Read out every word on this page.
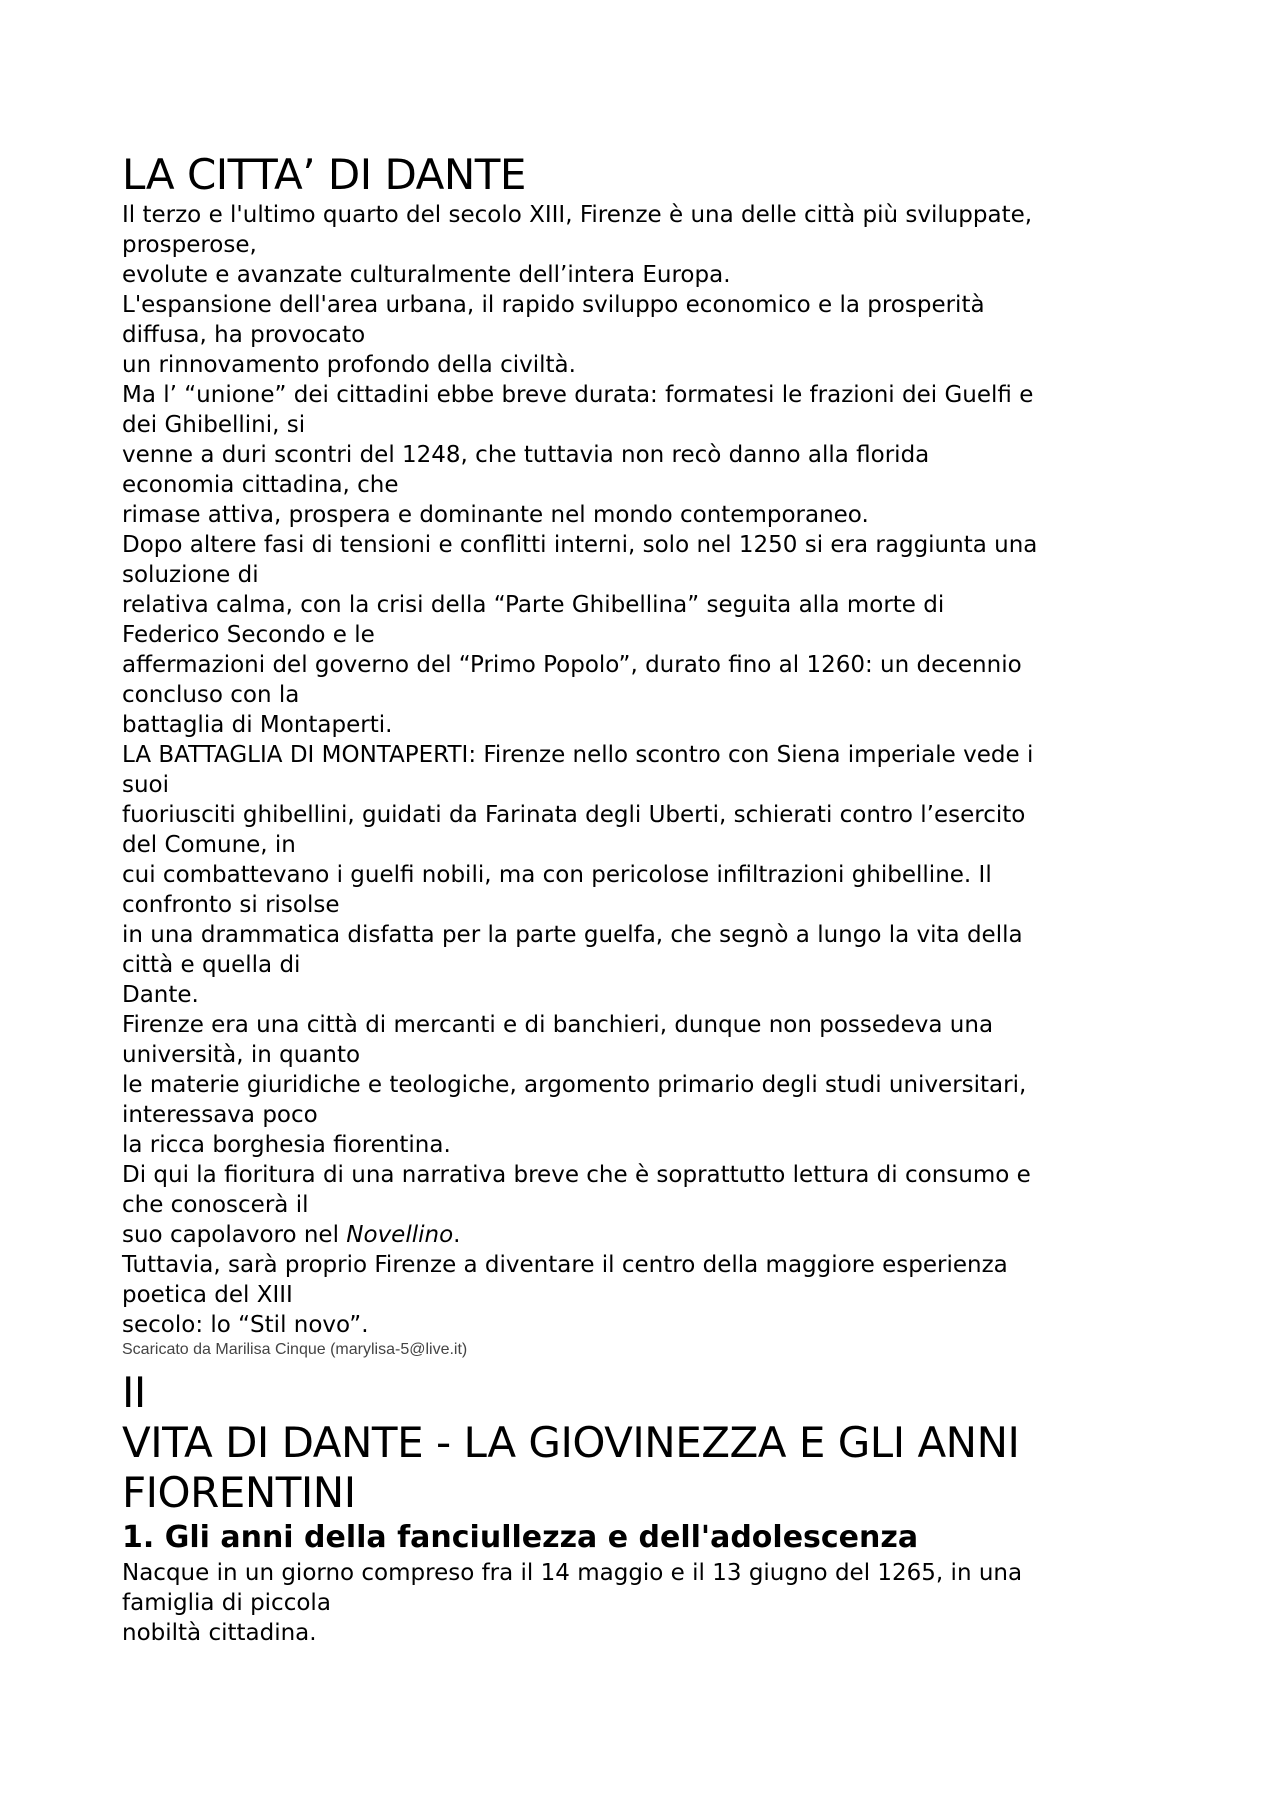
LA CITTA’ DI DANTE

Il terzo e l'ultimo quarto del secolo XIII, Firenze è una delle città più sviluppate,

prosperose,

evolute e avanzate culturalmente dell’intera Europa.

L'espansione dell'area urbana, il rapido sviluppo economico e la prosperità

diffusa, ha provocato

un rinnovamento profondo della civiltà.

Ma l’ “unione” dei cittadini ebbe breve durata: formatesi le frazioni dei Guelfi e

dei Ghibellini, si

venne a duri scontri del 1248, che tuttavia non recò danno alla florida

economia cittadina, che

rimase attiva, prospera e dominante nel mondo contemporaneo.

Dopo altere fasi di tensioni e conflitti interni, solo nel 1250 si era raggiunta una

soluzione di

relativa calma, con la crisi della “Parte Ghibellina” seguita alla morte di

Federico Secondo e le

affermazioni del governo del “Primo Popolo”, durato fino al 1260: un decennio

concluso con la

battaglia di Montaperti.

LA BATTAGLIA DI MONTAPERTI: Firenze nello scontro con Siena imperiale vede i

suoi

fuoriusciti ghibellini, guidati da Farinata degli Uberti, schierati contro l’esercito

del Comune, in

cui combattevano i guelfi nobili, ma con pericolose infiltrazioni ghibelline. Il

confronto si risolse

in una drammatica disfatta per la parte guelfa, che segnò a lungo la vita della

città e quella di

Dante.

Firenze era una città di mercanti e di banchieri, dunque non possedeva una

università, in quanto

le materie giuridiche e teologiche, argomento primario degli studi universitari,

interessava poco

la ricca borghesia fiorentina.

Di qui la fioritura di una narrativa breve che è soprattutto lettura di consumo e

che conoscerà il

suo capolavoro nel Novellino.

Tuttavia, sarà proprio Firenze a diventare il centro della maggiore esperienza

poetica del XIII

secolo: lo “Stil novo”.

Scaricato da Marilisa Cinque (marylisa-5@live.it)

II
VITA DI DANTE - LA GIOVINEZZA E GLI ANNI
FIORENTINI
1. Gli anni della fanciullezza e dell'adolescenza

Nacque in un giorno compreso fra il 14 maggio e il 13 giugno del 1265, in una

famiglia di piccola

nobiltà cittadina.
